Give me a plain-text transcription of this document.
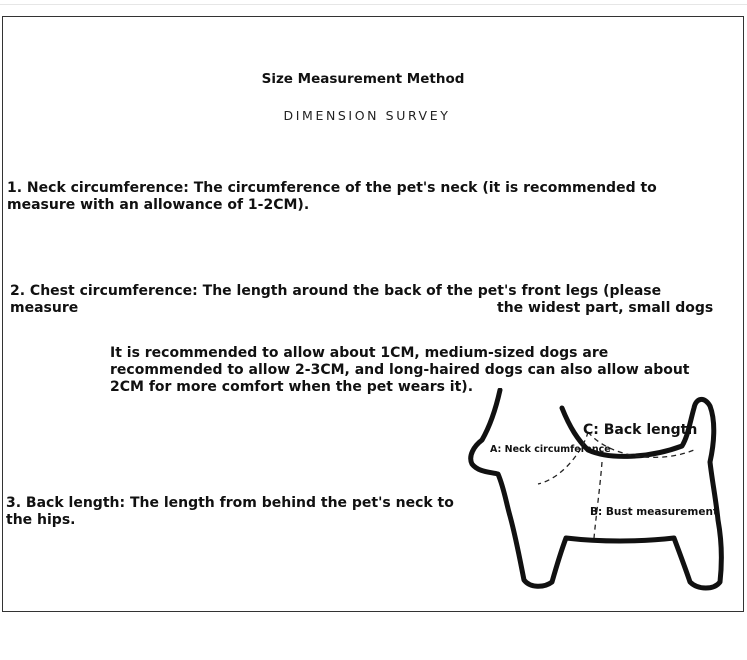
Size Measurement Method
DIMENSION SURVEY
1. Neck circumference: The circumference of the pet's neck (it is recommended to measure with an allowance of 1-2CM).
2. Chest circumference: The length around the back of the pet's front legs (please measure	the widest part, small dogs
It is recommended to allow about 1CM, medium-sized dogs are recommended to allow 2-3CM, and long-haired dogs can also allow about 2CM for more comfort when the pet wears it).
3. Back length: The length from behind the pet's neck to the hips.
C: Back length
A: Neck circumference
B: Bust measurement
